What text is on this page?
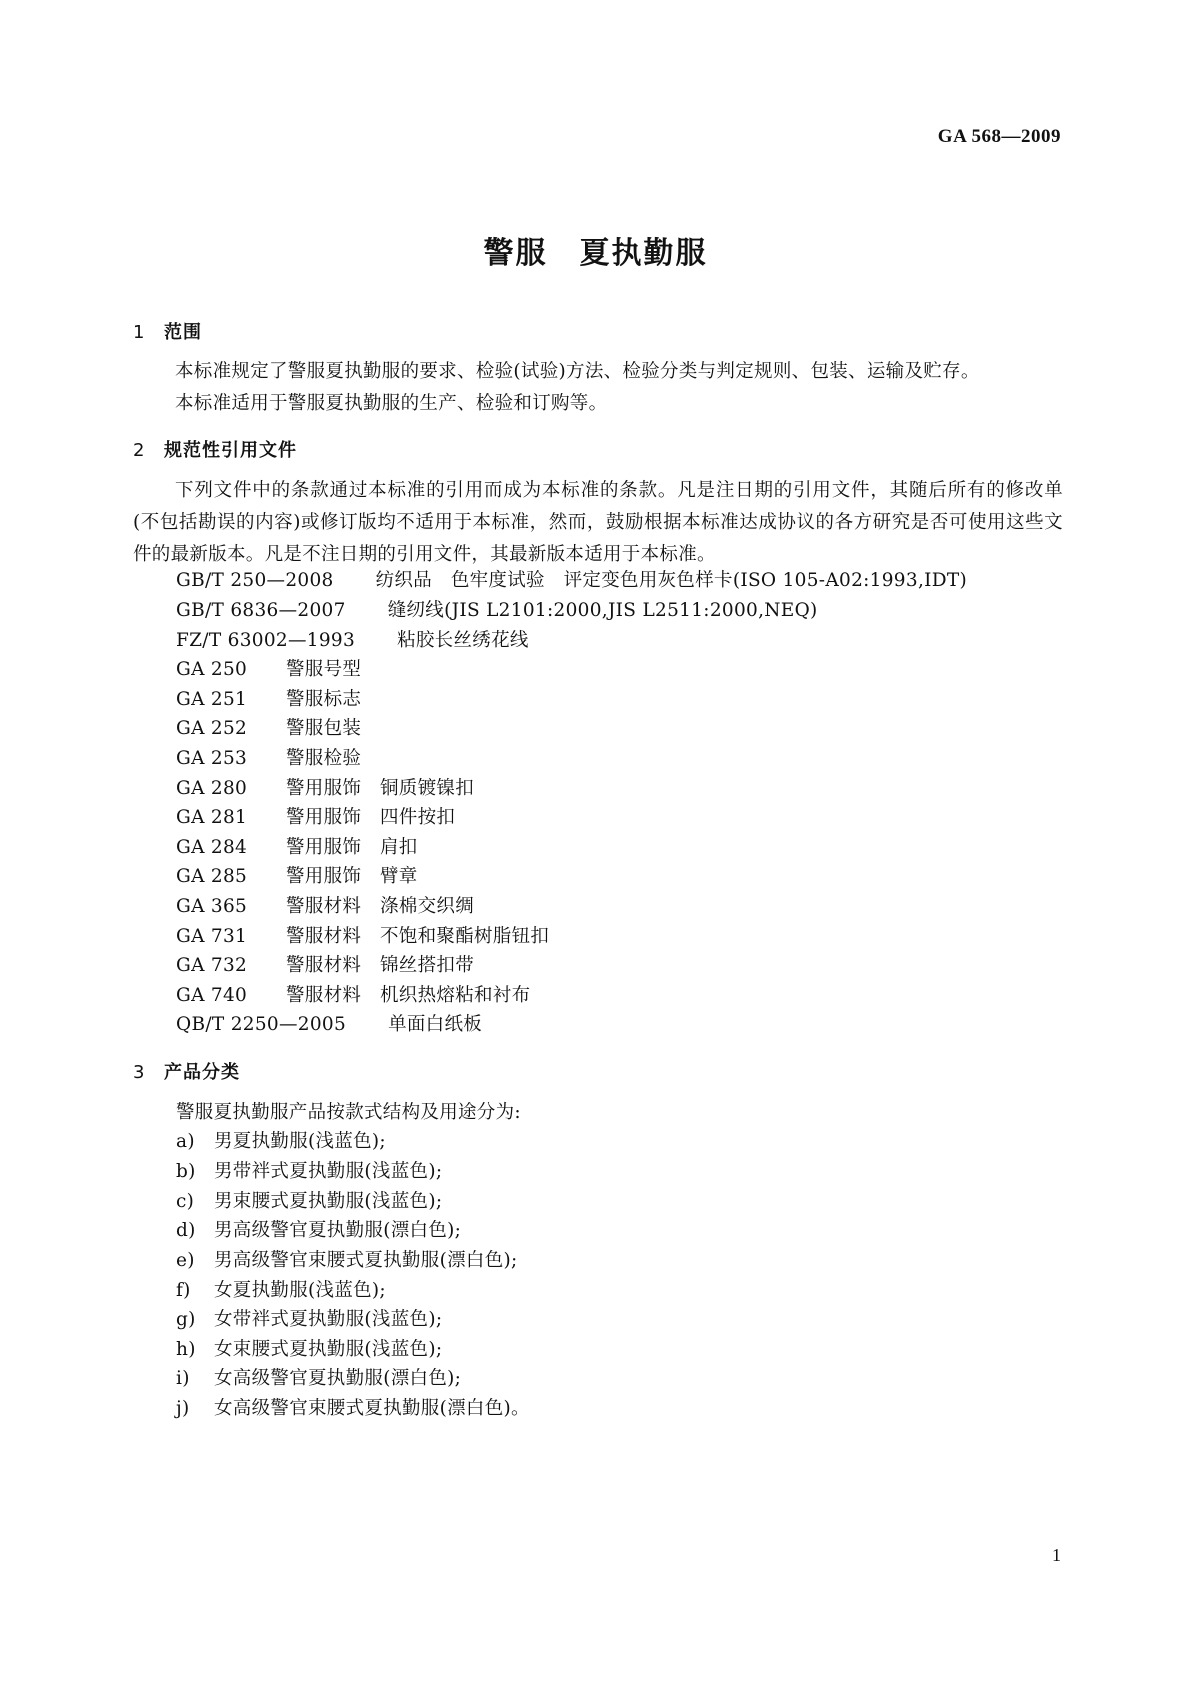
GA 568—2009
警服　夏执勤服
1 范围
本标准规定了警服夏执勤服的要求、检验(试验)方法、检验分类与判定规则、包装、运输及贮存。
本标准适用于警服夏执勤服的生产、检验和订购等。
2 规范性引用文件
下列文件中的条款通过本标准的引用而成为本标准的条款。凡是注日期的引用文件，其随后所有的修改单(不包括勘误的内容)或修订版均不适用于本标准，然而，鼓励根据本标准达成协议的各方研究是否可使用这些文件的最新版本。凡是不注日期的引用文件，其最新版本适用于本标准。
GB/T 250—2008 纺织品　色牢度试验　评定变色用灰色样卡(ISO 105-A02:1993,IDT)
GB/T 6836—2007 缝纫线(JIS L2101:2000,JIS L2511:2000,NEQ)
FZ/T 63002—1993 粘胶长丝绣花线
GA 250 警服号型
GA 251 警服标志
GA 252 警服包装
GA 253 警服检验
GA 280 警用服饰　铜质镀镍扣
GA 281 警用服饰　四件按扣
GA 284 警用服饰　肩扣
GA 285 警用服饰　臂章
GA 365 警服材料　涤棉交织绸
GA 731 警服材料　不饱和聚酯树脂钮扣
GA 732 警服材料　锦丝搭扣带
GA 740 警服材料　机织热熔粘和衬布
QB/T 2250—2005 单面白纸板
3 产品分类
警服夏执勤服产品按款式结构及用途分为:
a) 男夏执勤服(浅蓝色);
b) 男带袢式夏执勤服(浅蓝色);
c) 男束腰式夏执勤服(浅蓝色);
d) 男高级警官夏执勤服(漂白色);
e) 男高级警官束腰式夏执勤服(漂白色);
f) 女夏执勤服(浅蓝色);
g) 女带袢式夏执勤服(浅蓝色);
h) 女束腰式夏执勤服(浅蓝色);
i) 女高级警官夏执勤服(漂白色);
j) 女高级警官束腰式夏执勤服(漂白色)。
1
